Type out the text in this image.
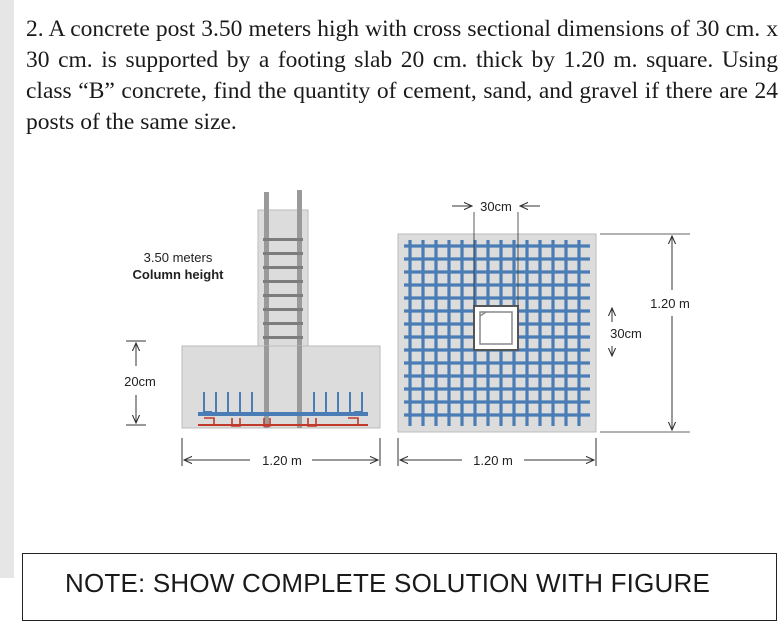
2. A concrete post 3.50 meters high with cross sectional dimensions of 30 cm. x 30 cm. is supported by a footing slab 20 cm. thick by 1.20 m. square. Using class “B” concrete, find the quantity of cement, sand, and gravel if there are 24 posts of the same size.

3.50 meters
Column height
20cm
1.20 m
30cm
30cm
1.20 m
1.20 m
NOTE: SHOW COMPLETE SOLUTION WITH FIGURE
